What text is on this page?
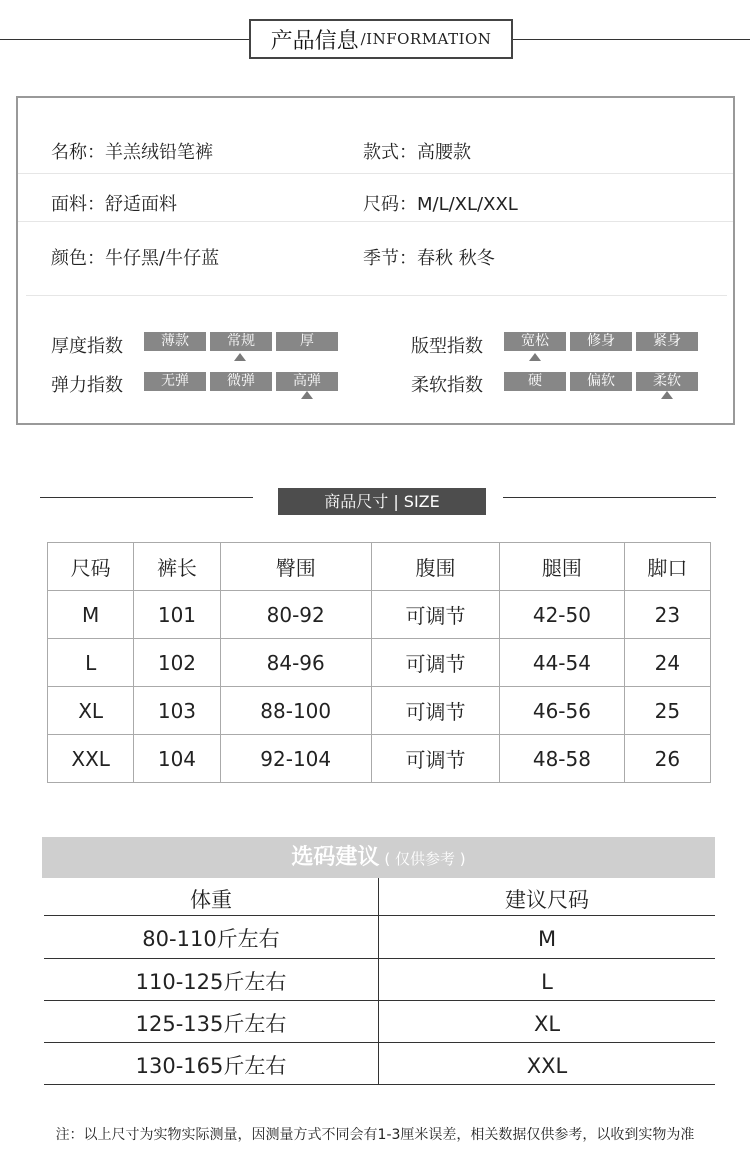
产品信息 /INFORMATION
名称：羊羔绒铅笔裤	款式：高腰款
面料：舒适面料	尺码：M/L/XL/XXL
颜色：牛仔黑/牛仔蓝	季节：春秋 秋冬
厚度指数	薄款	常规	厚	版型指数	宽松	修身	紧身
弹力指数	无弹	微弹	高弹	柔软指数	硬	偏软	柔软
商品尺寸 | SIZE
尺码	裤长	臀围	腹围	腿围	脚口
M	101	80-92	可调节	42-50	23
L	102	84-96	可调节	44-54	24
XL	103	88-100	可调节	46-56	25
XXL	104	92-104	可调节	48-58	26
选码建议 ( 仅供参考 )
体重	建议尺码
80-110斤左右	M
110-125斤左右	L
125-135斤左右	XL
130-165斤左右	XXL
注：以上尺寸为实物实际测量，因测量方式不同会有1-3厘米误差，相关数据仅供参考，以收到实物为准
